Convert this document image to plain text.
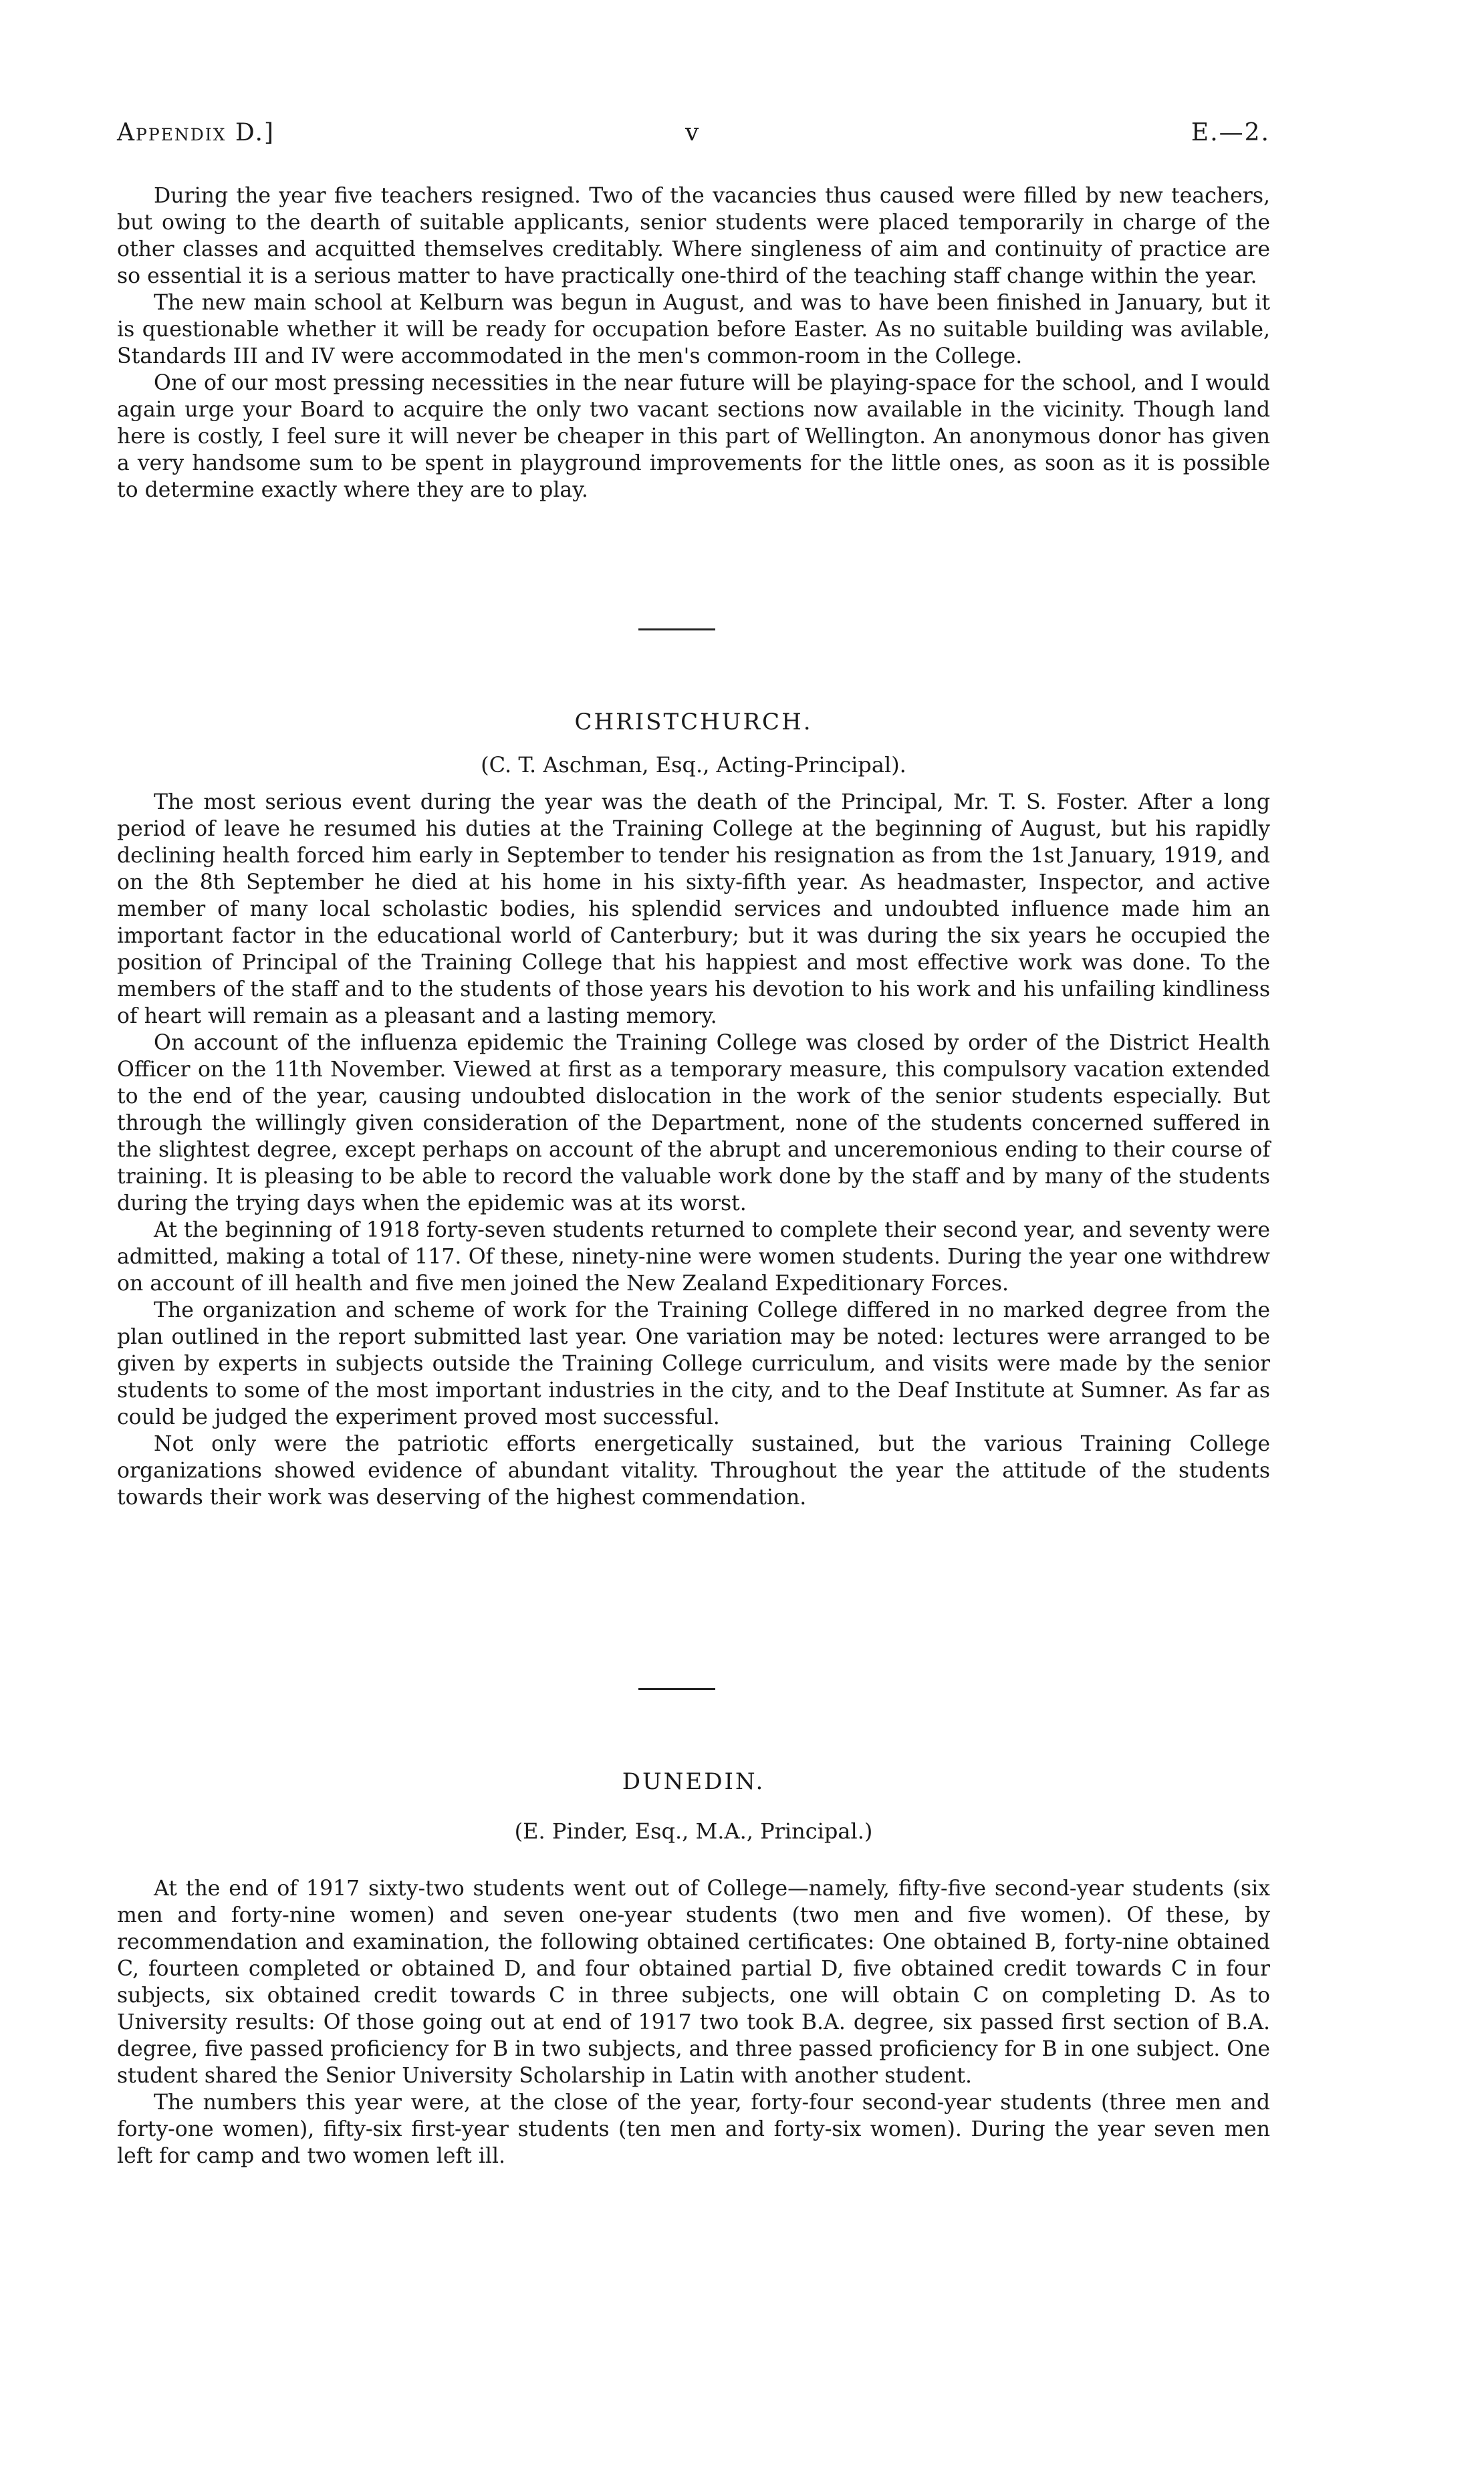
Appendix D.]	v	E.—2.

During the year five teachers resigned. Two of the vacancies thus caused were filled by new teachers, but owing to the dearth of suitable applicants, senior students were placed temporarily in charge of the other classes and acquitted themselves creditably. Where singleness of aim and continuity of practice are so essential it is a serious matter to have practically one-third of the teaching staff change within the year.

The new main school at Kelburn was begun in August, and was to have been finished in January, but it is questionable whether it will be ready for occupation before Easter. As no suitable building was avilable, Standards III and IV were accommodated in the men's common-room in the College.

One of our most pressing necessities in the near future will be playing-space for the school, and I would again urge your Board to acquire the only two vacant sections now available in the vicinity. Though land here is costly, I feel sure it will never be cheaper in this part of Wellington. An anonymous donor has given a very handsome sum to be spent in playground improvements for the little ones, as soon as it is possible to determine exactly where they are to play.

CHRISTCHURCH.
(C. T. Aschman, Esq., Acting-Principal).

The most serious event during the year was the death of the Principal, Mr. T. S. Foster. After a long period of leave he resumed his duties at the Training College at the beginning of August, but his rapidly declining health forced him early in September to tender his resignation as from the 1st January, 1919, and on the 8th September he died at his home in his sixty-fifth year. As headmaster, Inspector, and active member of many local scholastic bodies, his splendid services and undoubted influence made him an important factor in the educational world of Canterbury; but it was during the six years he occupied the position of Principal of the Training College that his happiest and most effective work was done. To the members of the staff and to the students of those years his devotion to his work and his unfailing kindliness of heart will remain as a pleasant and a lasting memory.

On account of the influenza epidemic the Training College was closed by order of the District Health Officer on the 11th November. Viewed at first as a temporary measure, this compulsory vacation extended to the end of the year, causing undoubted dislocation in the work of the senior students especially. But through the willingly given consideration of the Department, none of the students concerned suffered in the slightest degree, except perhaps on account of the abrupt and unceremonious ending to their course of training. It is pleasing to be able to record the valuable work done by the staff and by many of the students during the trying days when the epidemic was at its worst.

At the beginning of 1918 forty-seven students returned to complete their second year, and seventy were admitted, making a total of 117. Of these, ninety-nine were women students. During the year one withdrew on account of ill health and five men joined the New Zealand Expeditionary Forces.

The organization and scheme of work for the Training College differed in no marked degree from the plan outlined in the report submitted last year. One variation may be noted: lectures were arranged to be given by experts in subjects outside the Training College curriculum, and visits were made by the senior students to some of the most important industries in the city, and to the Deaf Institute at Sumner. As far as could be judged the experiment proved most successful.

Not only were the patriotic efforts energetically sustained, but the various Training College organizations showed evidence of abundant vitality. Throughout the year the attitude of the students towards their work was deserving of the highest commendation.

DUNEDIN.
(E. Pinder, Esq., M.A., Principal.)

At the end of 1917 sixty-two students went out of College—namely, fifty-five second-year students (six men and forty-nine women) and seven one-year students (two men and five women). Of these, by recommendation and examination, the following obtained certificates: One obtained B, forty-nine obtained C, fourteen completed or obtained D, and four obtained partial D, five obtained credit towards C in four subjects, six obtained credit towards C in three subjects, one will obtain C on completing D. As to University results: Of those going out at end of 1917 two took B.A. degree, six passed first section of B.A. degree, five passed proficiency for B in two subjects, and three passed proficiency for B in one subject. One student shared the Senior University Scholarship in Latin with another student.

The numbers this year were, at the close of the year, forty-four second-year students (three men and forty-one women), fifty-six first-year students (ten men and forty-six women). During the year seven men left for camp and two women left ill.
